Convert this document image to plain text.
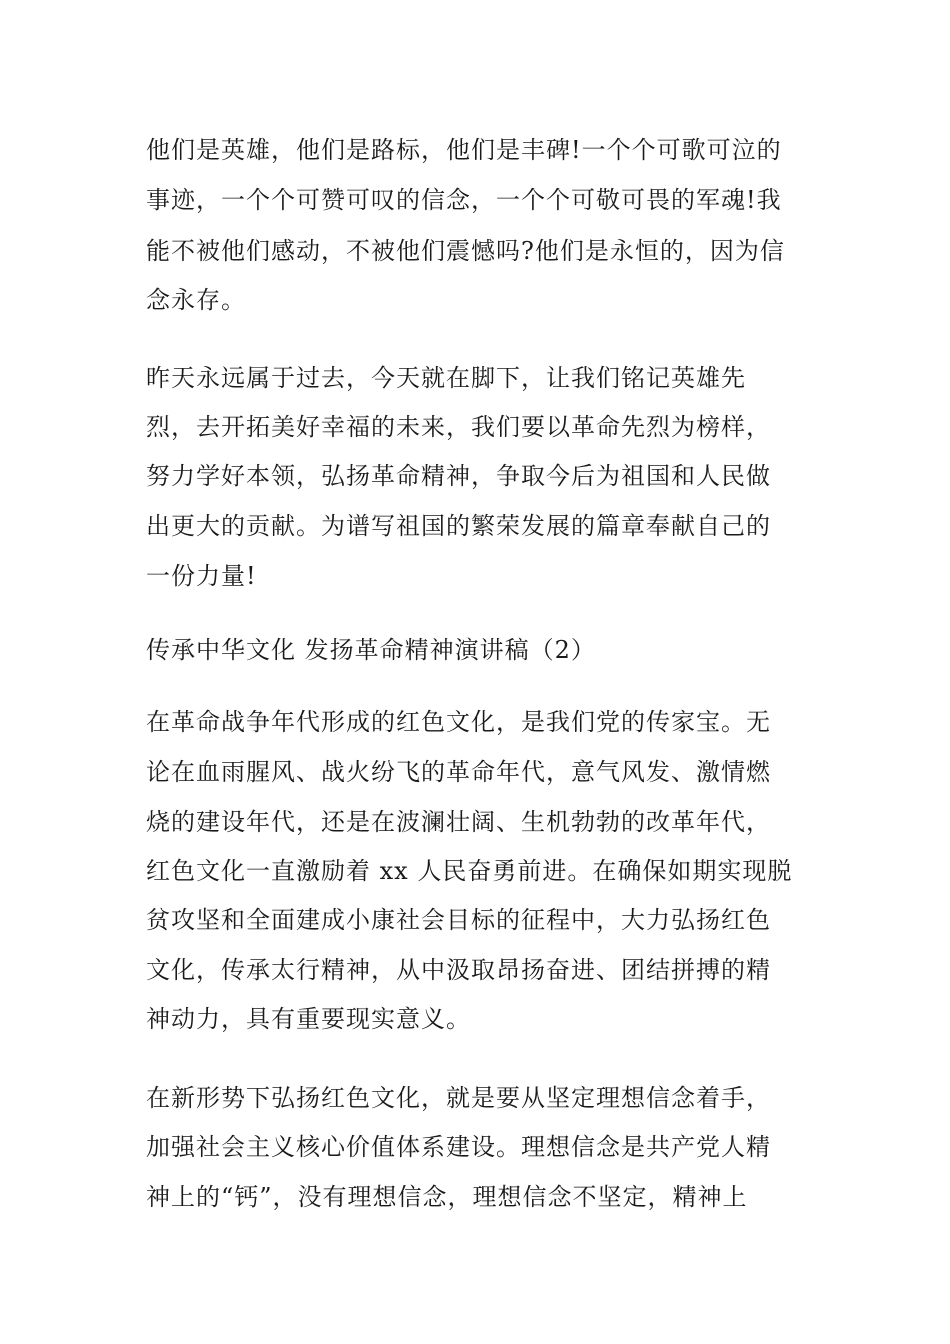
他们是英雄，他们是路标，他们是丰碑!一个个可歌可泣的

事迹，一个个可赞可叹的信念，一个个可敬可畏的军魂!我

能不被他们感动，不被他们震憾吗?他们是永恒的，因为信

念永存。

昨天永远属于过去，今天就在脚下，让我们铭记英雄先

烈，去开拓美好幸福的未来，我们要以革命先烈为榜样，

努力学好本领，弘扬革命精神，争取今后为祖国和人民做

出更大的贡献。为谱写祖国的繁荣发展的篇章奉献自己的

一份力量!

传承中华文化 发扬革命精神演讲稿（2）

在革命战争年代形成的红色文化，是我们党的传家宝。无

论在血雨腥风、战火纷飞的革命年代，意气风发、激情燃

烧的建设年代，还是在波澜壮阔、生机勃勃的改革年代，

红色文化一直激励着 xx 人民奋勇前进。在确保如期实现脱

贫攻坚和全面建成小康社会目标的征程中，大力弘扬红色

文化，传承太行精神，从中汲取昂扬奋进、团结拼搏的精

神动力，具有重要现实意义。

在新形势下弘扬红色文化，就是要从坚定理想信念着手，

加强社会主义核心价值体系建设。理想信念是共产党人精

神上的“钙”，没有理想信念，理想信念不坚定，精神上
